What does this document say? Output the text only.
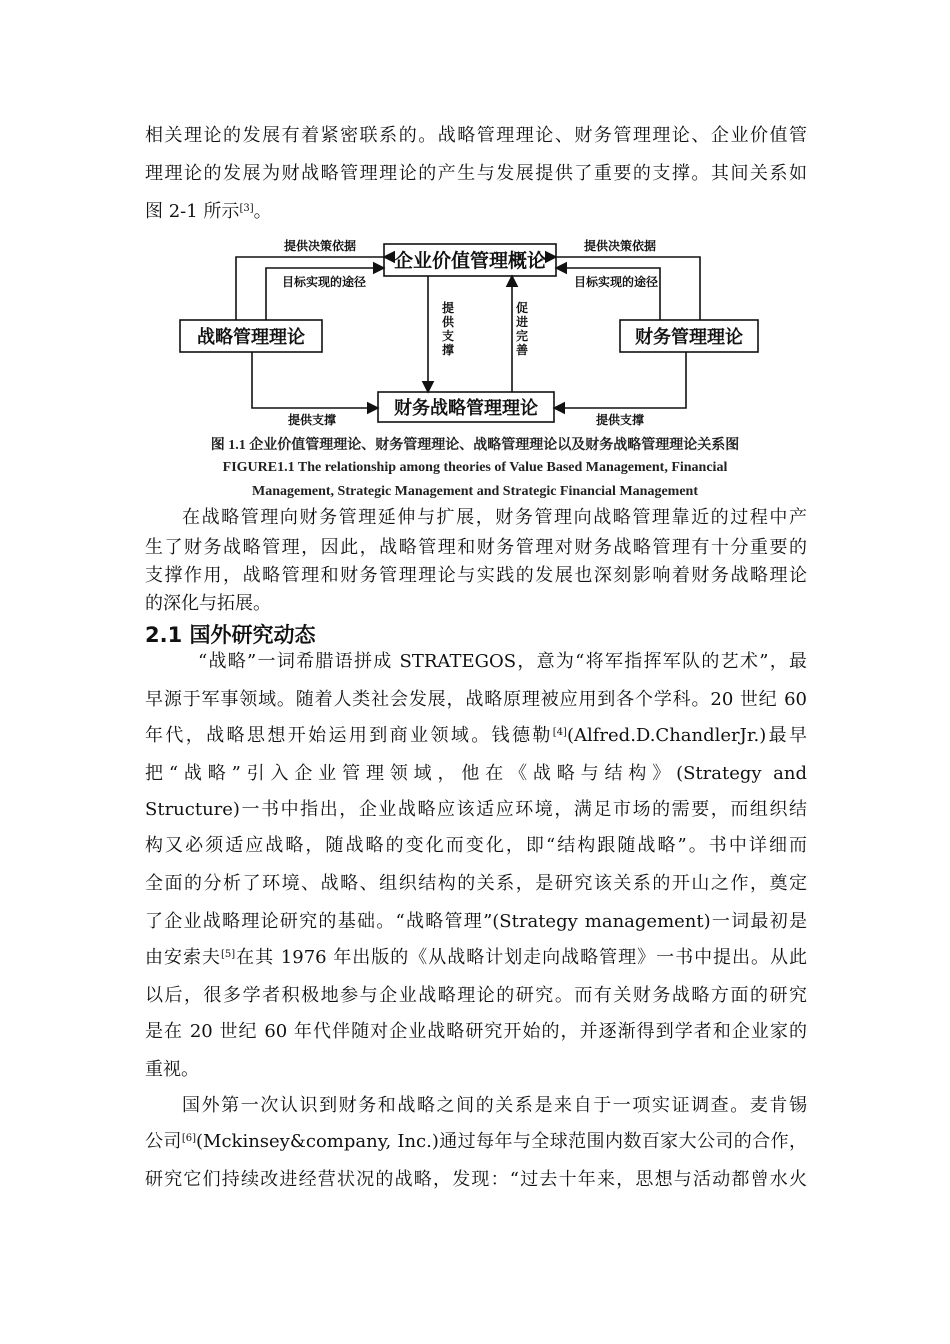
相关理论的发展有着紧密联系的。战略管理理论、财务管理理论、企业价值管
理理论的发展为财战略管理理论的产生与发展提供了重要的支撑。其间关系如
图 2-1 所示[3]。
企业价值管理概论
战略管理理论	财务管理理论
财务战略管理理论
提供决策依据	提供决策依据
目标实现的途径	目标实现的途径
提供支撑	提供支撑
提
供
支
撑
促
进
完
善
图 1.1 企业价值管理理论、财务管理理论、战略管理理论以及财务战略管理理论关系图
FIGURE1.1 The relationship among theories of Value Based Management, Financial
Management, Strategic Management and Strategic Financial Management
在战略管理向财务管理延伸与扩展，财务管理向战略管理靠近的过程中产
生了财务战略管理，因此，战略管理和财务管理对财务战略管理有十分重要的
支撑作用，战略管理和财务管理理论与实践的发展也深刻影响着财务战略理论
的深化与拓展。
2.1 国外研究动态
“战略”一词希腊语拼成 STRATEGOS，意为“将军指挥军队的艺术”，最
早源于军事领域。随着人类社会发展，战略原理被应用到各个学科。20 世纪 60
年代，战略思想开始运用到商业领域。钱德勒[4](Alfred.D.ChandlerJr.)最早
把“战略”引入企业管理领域，他在《战略与结构》(Strategy and
Structure)一书中指出，企业战略应该适应环境，满足市场的需要，而组织结
构又必须适应战略，随战略的变化而变化，即“结构跟随战略”。书中详细而
全面的分析了环境、战略、组织结构的关系，是研究该关系的开山之作，奠定
了企业战略理论研究的基础。“战略管理”(Strategy management)一词最初是
由安索夫[5]在其 1976 年出版的《从战略计划走向战略管理》一书中提出。从此
以后，很多学者积极地参与企业战略理论的研究。而有关财务战略方面的研究
是在 20 世纪 60 年代伴随对企业战略研究开始的，并逐渐得到学者和企业家的
重视。
国外第一次认识到财务和战略之间的关系是来自于一项实证调查。麦肯锡
公司[6](Mckinsey&company, Inc.)通过每年与全球范围内数百家大公司的合作，
研究它们持续改进经营状况的战略，发现：“过去十年来，思想与活动都曾水火
